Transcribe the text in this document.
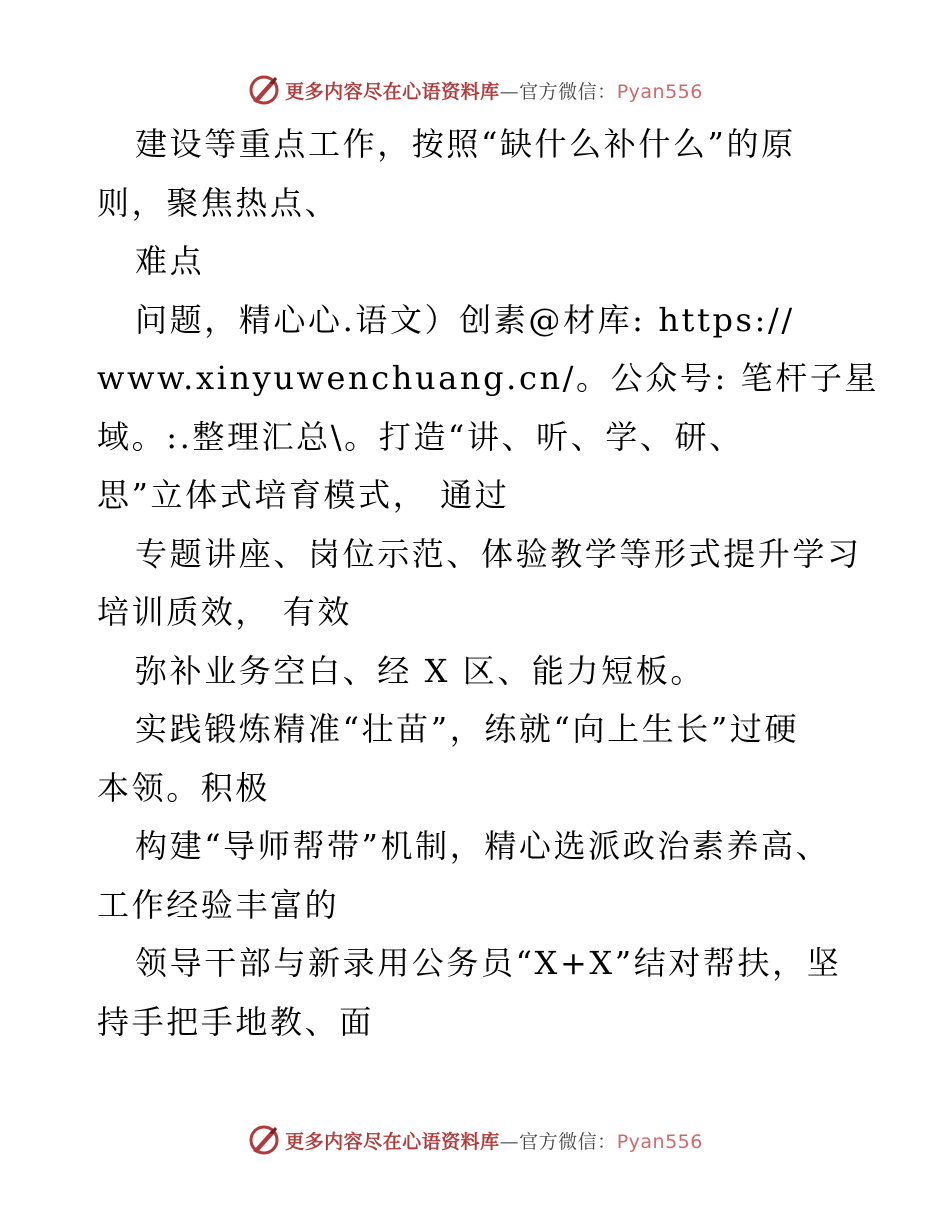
更多内容尽在心语资料库—官方微信：Pyan556
建设等重点工作，按照“缺什么补什么”的原
则，聚焦热点、
难点
问题，精心心.语文）创素@材库: https://
www.xinyuwenchuang.cn/。公众号: 笔杆子星
域。:.整理汇总\。打造“讲、听、学、研、
思”立体式培育模式， 通过
专题讲座、岗位示范、体验教学等形式提升学习
培训质效， 有效
弥补业务空白、经 X 区、能力短板。
实践锻炼精准“壮苗”，练就“向上生长”过硬
本领。积极
构建“导师帮带”机制，精心选派政治素养高、
工作经验丰富的
领导干部与新录用公务员“X+X”结对帮扶，坚
持手把手地教、面
更多内容尽在心语资料库—官方微信：Pyan556
